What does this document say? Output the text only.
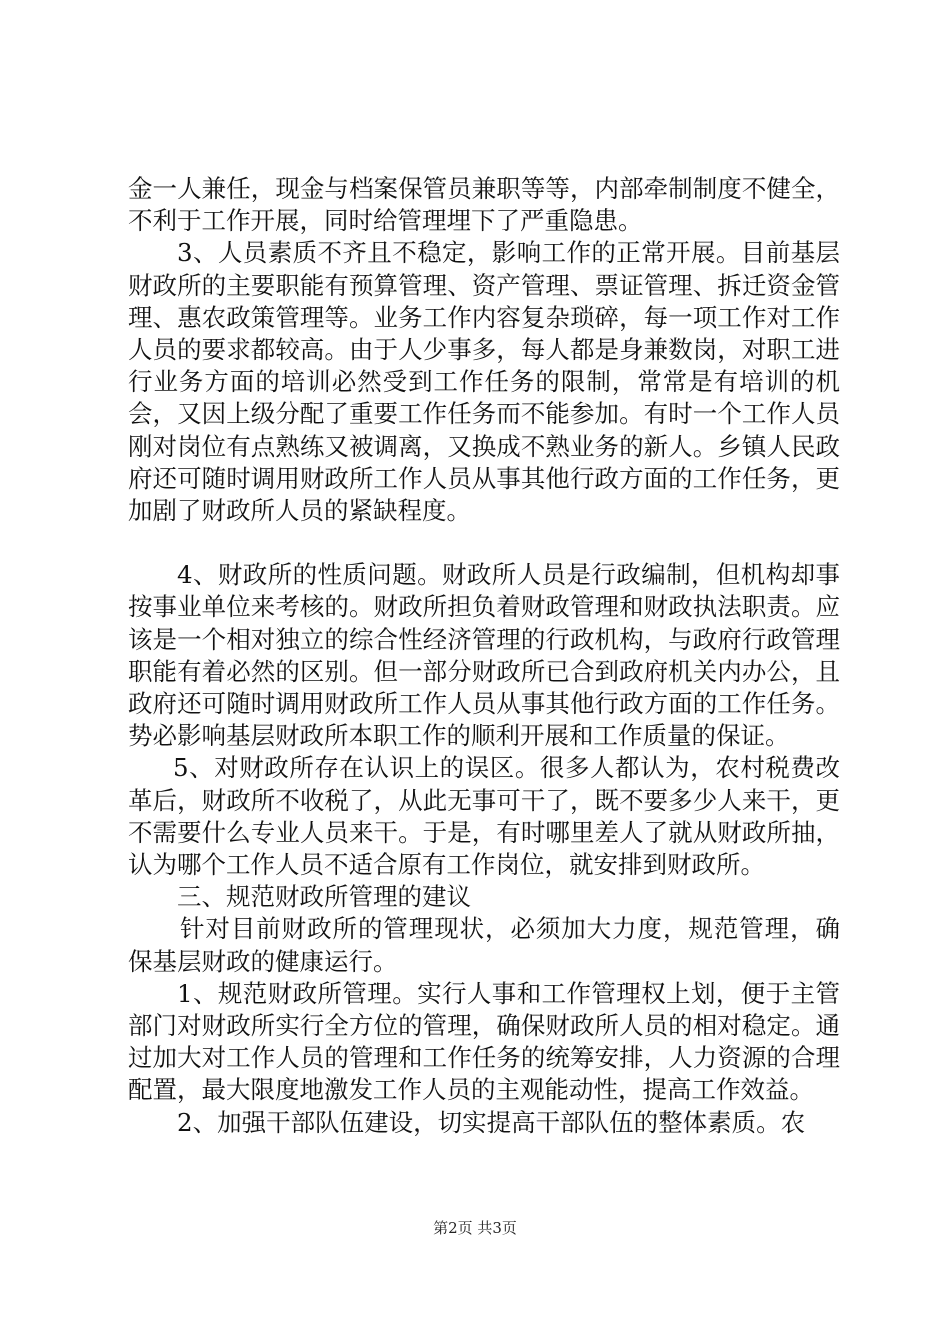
金一人兼任，现金与档案保管员兼职等等，内部牵制制度不健全，不利于工作开展，同时给管理埋下了严重隐患。

3、人员素质不齐且不稳定，影响工作的正常开展。目前基层财政所的主要职能有预算管理、资产管理、票证管理、拆迁资金管理、惠农政策管理等。业务工作内容复杂琐碎，每一项工作对工作人员的要求都较高。由于人少事多，每人都是身兼数岗，对职工进行业务方面的培训必然受到工作任务的限制，常常是有培训的机会，又因上级分配了重要工作任务而不能参加。有时一个工作人员刚对岗位有点熟练又被调离，又换成不熟业务的新人。乡镇人民政府还可随时调用财政所工作人员从事其他行政方面的工作任务，更加剧了财政所人员的紧缺程度。

4、财政所的性质问题。财政所人员是行政编制，但机构却事按事业单位来考核的。财政所担负着财政管理和财政执法职责。应该是一个相对独立的综合性经济管理的行政机构，与政府行政管理职能有着必然的区别。但一部分财政所已合到政府机关内办公，且政府还可随时调用财政所工作人员从事其他行政方面的工作任务。势必影响基层财政所本职工作的顺利开展和工作质量的保证。

5、对财政所存在认识上的误区。很多人都认为，农村税费改革后，财政所不收税了，从此无事可干了，既不要多少人来干，更不需要什么专业人员来干。于是，有时哪里差人了就从财政所抽，认为哪个工作人员不适合原有工作岗位，就安排到财政所。

三、规范财政所管理的建议

针对目前财政所的管理现状，必须加大力度，规范管理，确保基层财政的健康运行。

1、规范财政所管理。实行人事和工作管理权上划，便于主管部门对财政所实行全方位的管理，确保财政所人员的相对稳定。通过加大对工作人员的管理和工作任务的统筹安排，人力资源的合理配置，最大限度地激发工作人员的主观能动性，提高工作效益。

2、加强干部队伍建设，切实提高干部队伍的整体素质。农

第2页 共3页
